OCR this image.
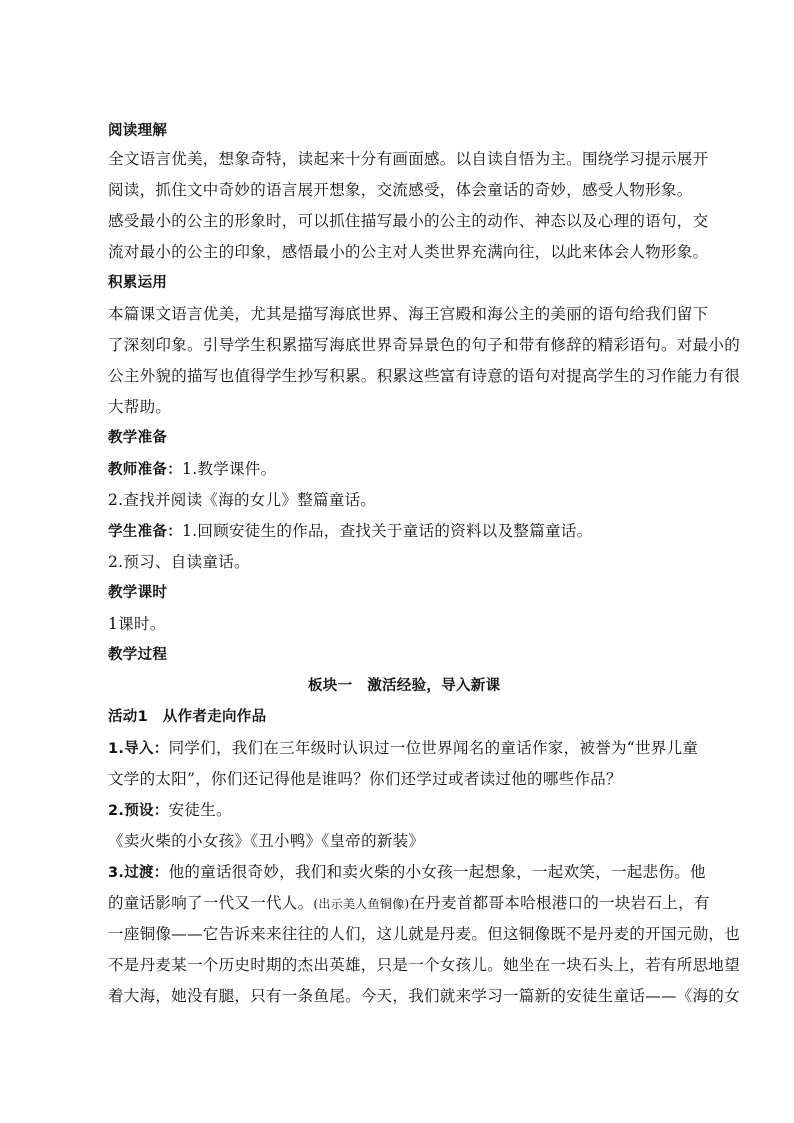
阅读理解
全文语言优美，想象奇特，读起来十分有画面感。以自读自悟为主。围绕学习提示展开
阅读，抓住文中奇妙的语言展开想象，交流感受，体会童话的奇妙，感受人物形象。
感受最小的公主的形象时，可以抓住描写最小的公主的动作、神态以及心理的语句，交
流对最小的公主的印象，感悟最小的公主对人类世界充满向往，以此来体会人物形象。
积累运用
本篇课文语言优美，尤其是描写海底世界、海王宫殿和海公主的美丽的语句给我们留下
了深刻印象。引导学生积累描写海底世界奇异景色的句子和带有修辞的精彩语句。对最小的
公主外貌的描写也值得学生抄写积累。积累这些富有诗意的语句对提高学生的习作能力有很
大帮助。
教学准备
教师准备：1.教学课件。
2.查找并阅读《海的女儿》整篇童话。
学生准备：1.回顾安徒生的作品，查找关于童话的资料以及整篇童话。
2.预习、自读童话。
教学课时
1课时。
教学过程
板块一　激活经验，导入新课
活动1　从作者走向作品
1.导入：同学们，我们在三年级时认识过一位世界闻名的童话作家，被誉为“世界儿童
文学的太阳”，你们还记得他是谁吗？你们还学过或者读过他的哪些作品？
2.预设：安徒生。
《卖火柴的小女孩》《丑小鸭》《皇帝的新装》
3.过渡：他的童话很奇妙，我们和卖火柴的小女孩一起想象，一起欢笑，一起悲伤。他
的童话影响了一代又一代人。(出示美人鱼铜像)在丹麦首都哥本哈根港口的一块岩石上，有
一座铜像——它告诉来来往往的人们，这儿就是丹麦。但这铜像既不是丹麦的开国元勋，也
不是丹麦某一个历史时期的杰出英雄，只是一个女孩儿。她坐在一块石头上，若有所思地望
着大海，她没有腿，只有一条鱼尾。今天，我们就来学习一篇新的安徒生童话——《海的女
